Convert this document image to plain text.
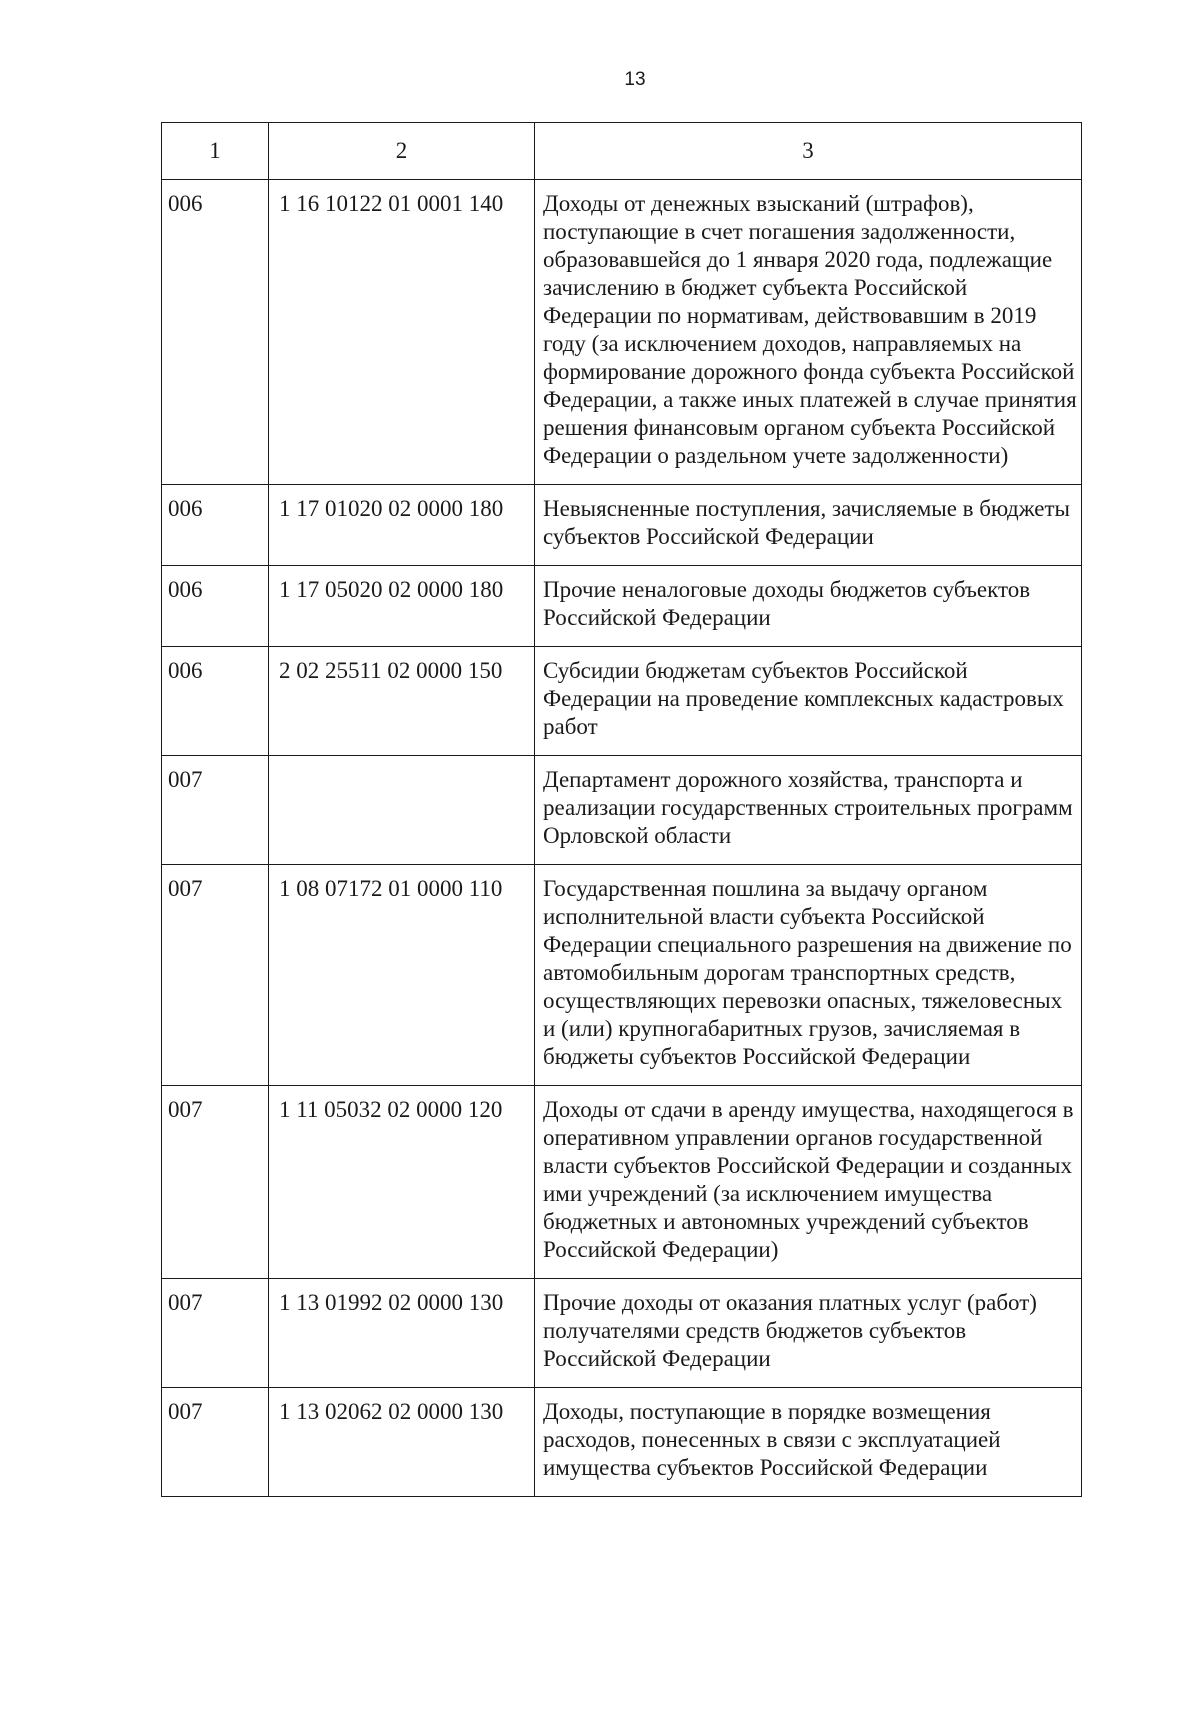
13
1	2	3
006	1 16 10122 01 0001 140	Доходы от денежных взысканий (штрафов), поступающие в счет погашения задолженности, образовавшейся до 1 января 2020 года, подлежащие зачислению в бюджет субъекта Российской Федерации по нормативам, действовавшим в 2019 году (за исключением доходов, направляемых на формирование дорожного фонда субъекта Российской Федерации, а также иных платежей в случае принятия решения финансовым органом субъекта Российской Федерации о раздельном учете задолженности)
006	1 17 01020 02 0000 180	Невыясненные поступления, зачисляемые в бюджеты субъектов Российской Федерации
006	1 17 05020 02 0000 180	Прочие неналоговые доходы бюджетов субъектов Российской Федерации
006	2 02 25511 02 0000 150	Субсидии бюджетам субъектов Российской Федерации на проведение комплексных кадастровых работ
007		Департамент дорожного хозяйства, транспорта и реализации государственных строительных программ Орловской области
007	1 08 07172 01 0000 110	Государственная пошлина за выдачу органом исполнительной власти субъекта Российской Федерации специального разрешения на движение по автомобильным дорогам транспортных средств, осуществляющих перевозки опасных, тяжеловесных и (или) крупногабаритных грузов, зачисляемая в бюджеты субъектов Российской Федерации
007	1 11 05032 02 0000 120	Доходы от сдачи в аренду имущества, находящегося в оперативном управлении органов государственной власти субъектов Российской Федерации и созданных ими учреждений (за исключением имущества бюджетных и автономных учреждений субъектов Российской Федерации)
007	1 13 01992 02 0000 130	Прочие доходы от оказания платных услуг (работ) получателями средств бюджетов субъектов Российской Федерации
007	1 13 02062 02 0000 130	Доходы, поступающие в порядке возмещения расходов, понесенных в связи с эксплуатацией имущества субъектов Российской Федерации
